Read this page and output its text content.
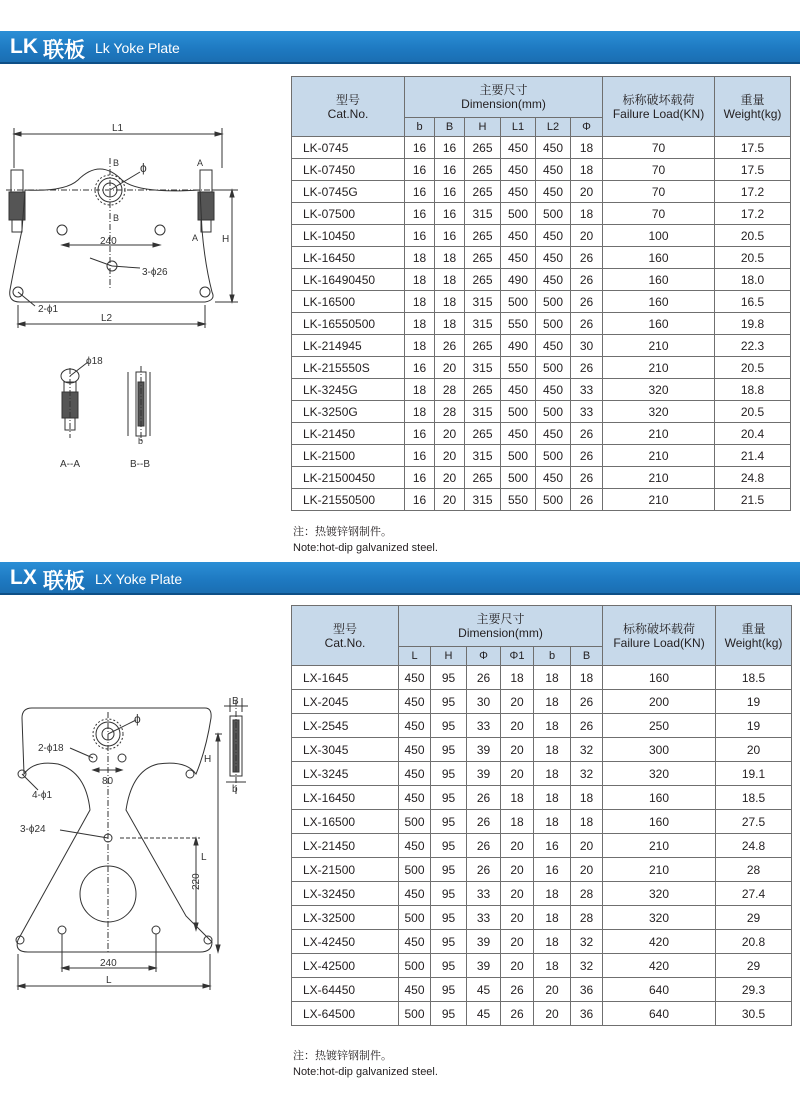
LK 联板 Lk Yoke Plate
L1
240
3-ϕ26
2-ϕ1
ϕ
B
B
A
A H
L2
ϕ18
A--A
b
B--B
型号
Cat.No.	主要尺寸
Dimension(mm)						标称破坏载荷
Failure Load(KN)	重量
Weight(kg)
	b	B	H	L1	L2	Φ		
LK-0745	16	16	265	450	450	18	70	17.5
LK-07450	16	16	265	450	450	18	70	17.5
LK-0745G	16	16	265	450	450	20	70	17.2
LK-07500	16	16	315	500	500	18	70	17.2
LK-10450	16	16	265	450	450	20	100	20.5
LK-16450	18	18	265	450	450	26	160	20.5
LK-16490450	18	18	265	490	450	26	160	18.0
LK-16500	18	18	315	500	500	26	160	16.5
LK-16550500	18	18	315	550	500	26	160	19.8
LK-214945	18	26	265	490	450	30	210	22.3
LK-215550S	16	20	315	550	500	26	210	20.5
LK-3245G	18	28	265	450	450	33	320	18.8
LK-3250G	18	28	315	500	500	33	320	20.5
LK-21450	16	20	265	450	450	26	210	20.4
LK-21500	16	20	315	500	500	26	210	21.4
LK-21500450	16	20	265	500	450	26	210	24.8
LK-21550500	16	20	315	550	500	26	210	21.5
注：热镀锌钢制件。
Note:hot-dip galvanized steel.
LX 联板 LX Yoke Plate
ϕ
2-ϕ18
80
4-ϕ1
3-ϕ24
220
240
L
L
B
H
b
型号
Cat.No.	主要尺寸
Dimension(mm)						标称破坏载荷
Failure Load(KN)	重量
Weight(kg)
	L	H	Φ	Φ1	b	B		
LX-1645	450	95	26	18	18	18	160	18.5
LX-2045	450	95	30	20	18	26	200	19
LX-2545	450	95	33	20	18	26	250	19
LX-3045	450	95	39	20	18	32	300	20
LX-3245	450	95	39	20	18	32	320	19.1
LX-16450	450	95	26	18	18	18	160	18.5
LX-16500	500	95	26	18	18	18	160	27.5
LX-21450	450	95	26	20	16	20	210	24.8
LX-21500	500	95	26	20	16	20	210	28
LX-32450	450	95	33	20	18	28	320	27.4
LX-32500	500	95	33	20	18	28	320	29
LX-42450	450	95	39	20	18	32	420	20.8
LX-42500	500	95	39	20	18	32	420	29
LX-64450	450	95	45	26	20	36	640	29.3
LX-64500	500	95	45	26	20	36	640	30.5
注：热镀锌钢制件。
Note:hot-dip galvanized steel.
